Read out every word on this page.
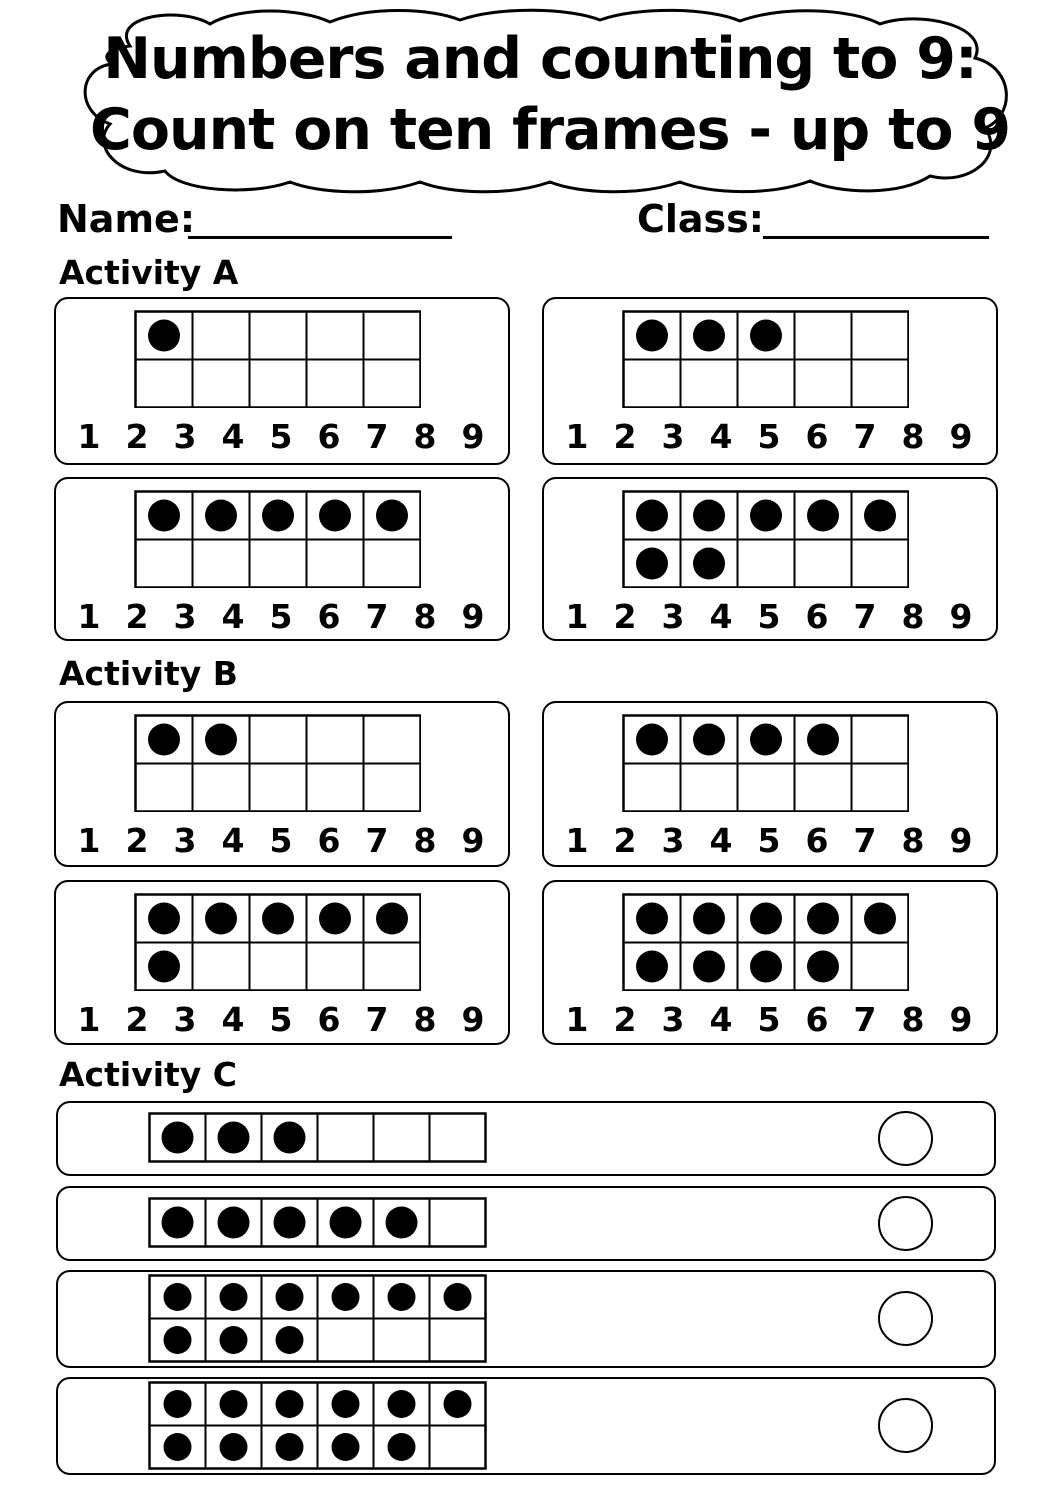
Numbers and counting to 9:
Count on ten frames - up to 9
Name:	Class:
Activity A
1 2 3 4 5 6 7 8 9 1 2 3 4 5 6 7 8 9
1 2 3 4 5 6 7 8 9 1 2 3 4 5 6 7 8 9
Activity B
1 2 3 4 5 6 7 8 9 1 2 3 4 5 6 7 8 9
1 2 3 4 5 6 7 8 9 1 2 3 4 5 6 7 8 9
Activity C
